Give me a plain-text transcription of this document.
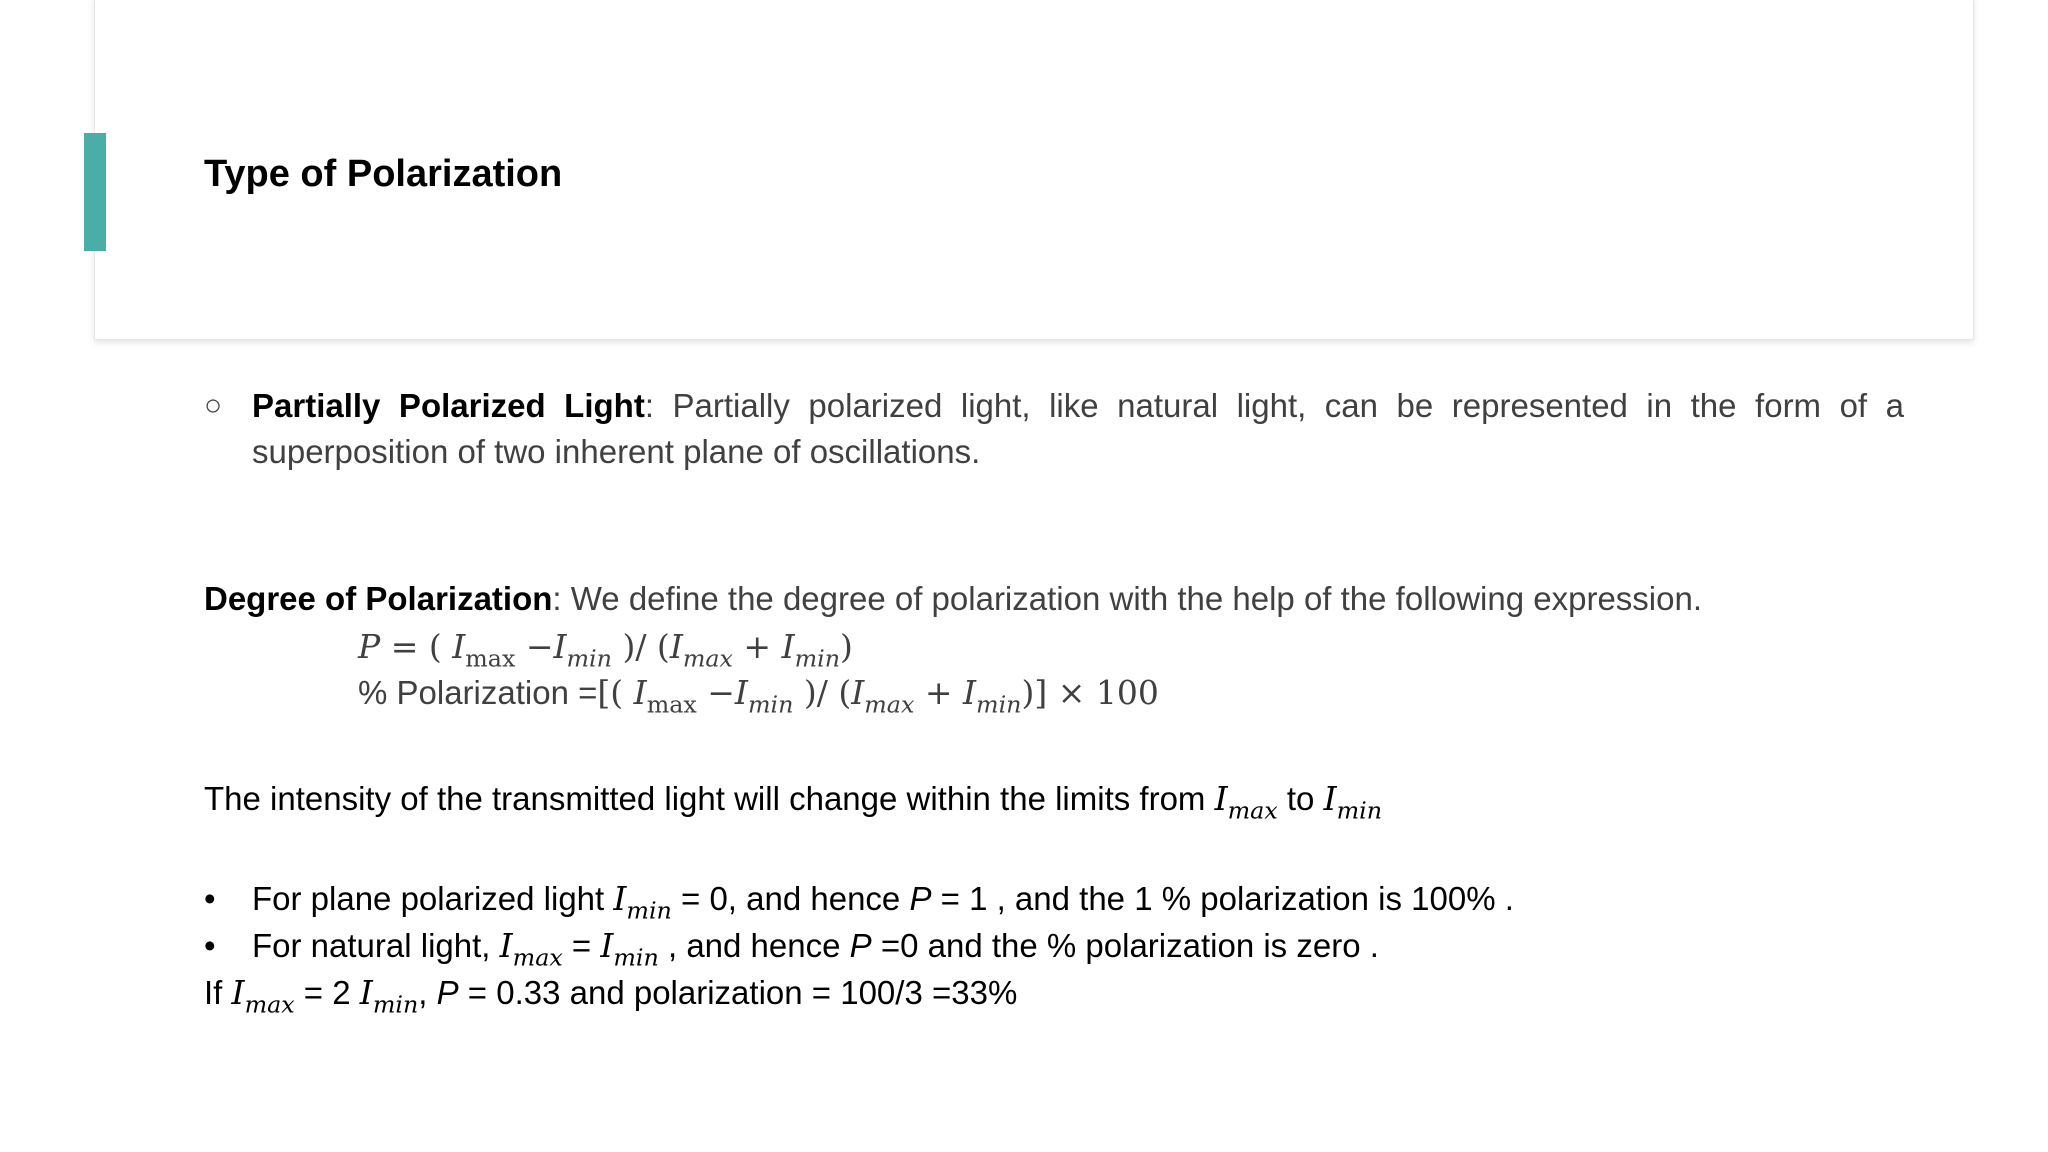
Type of Polarization
○ Partially Polarized Light: Partially polarized light, like natural light, can be represented in the form of a superposition of two inherent plane of oscillations.
Degree of Polarization: We define the degree of polarization with the help of the following expression.
P = ( $I_{max} -I_{min}$ )/ $(I_{max} + I_{min})$
% Polarization =[( $I_{max} -I_{min}$ )/ $(I_{max} + I_{min})] \times 100$
The intensity of the transmitted light will change within the limits from $I_{max}$ to $I_{min}$
•	For plane polarized light $I_{min} = 0$, and hence P = 1 , and the 1 % polarization is 100% .
•	For natural light, $I_{max} = I_{min}$ , and hence P =0 and the % polarization is zero .
If $I_{max} = 2$ $I_{min}$, P = 0.33 and polarization = 100/3 =33%
